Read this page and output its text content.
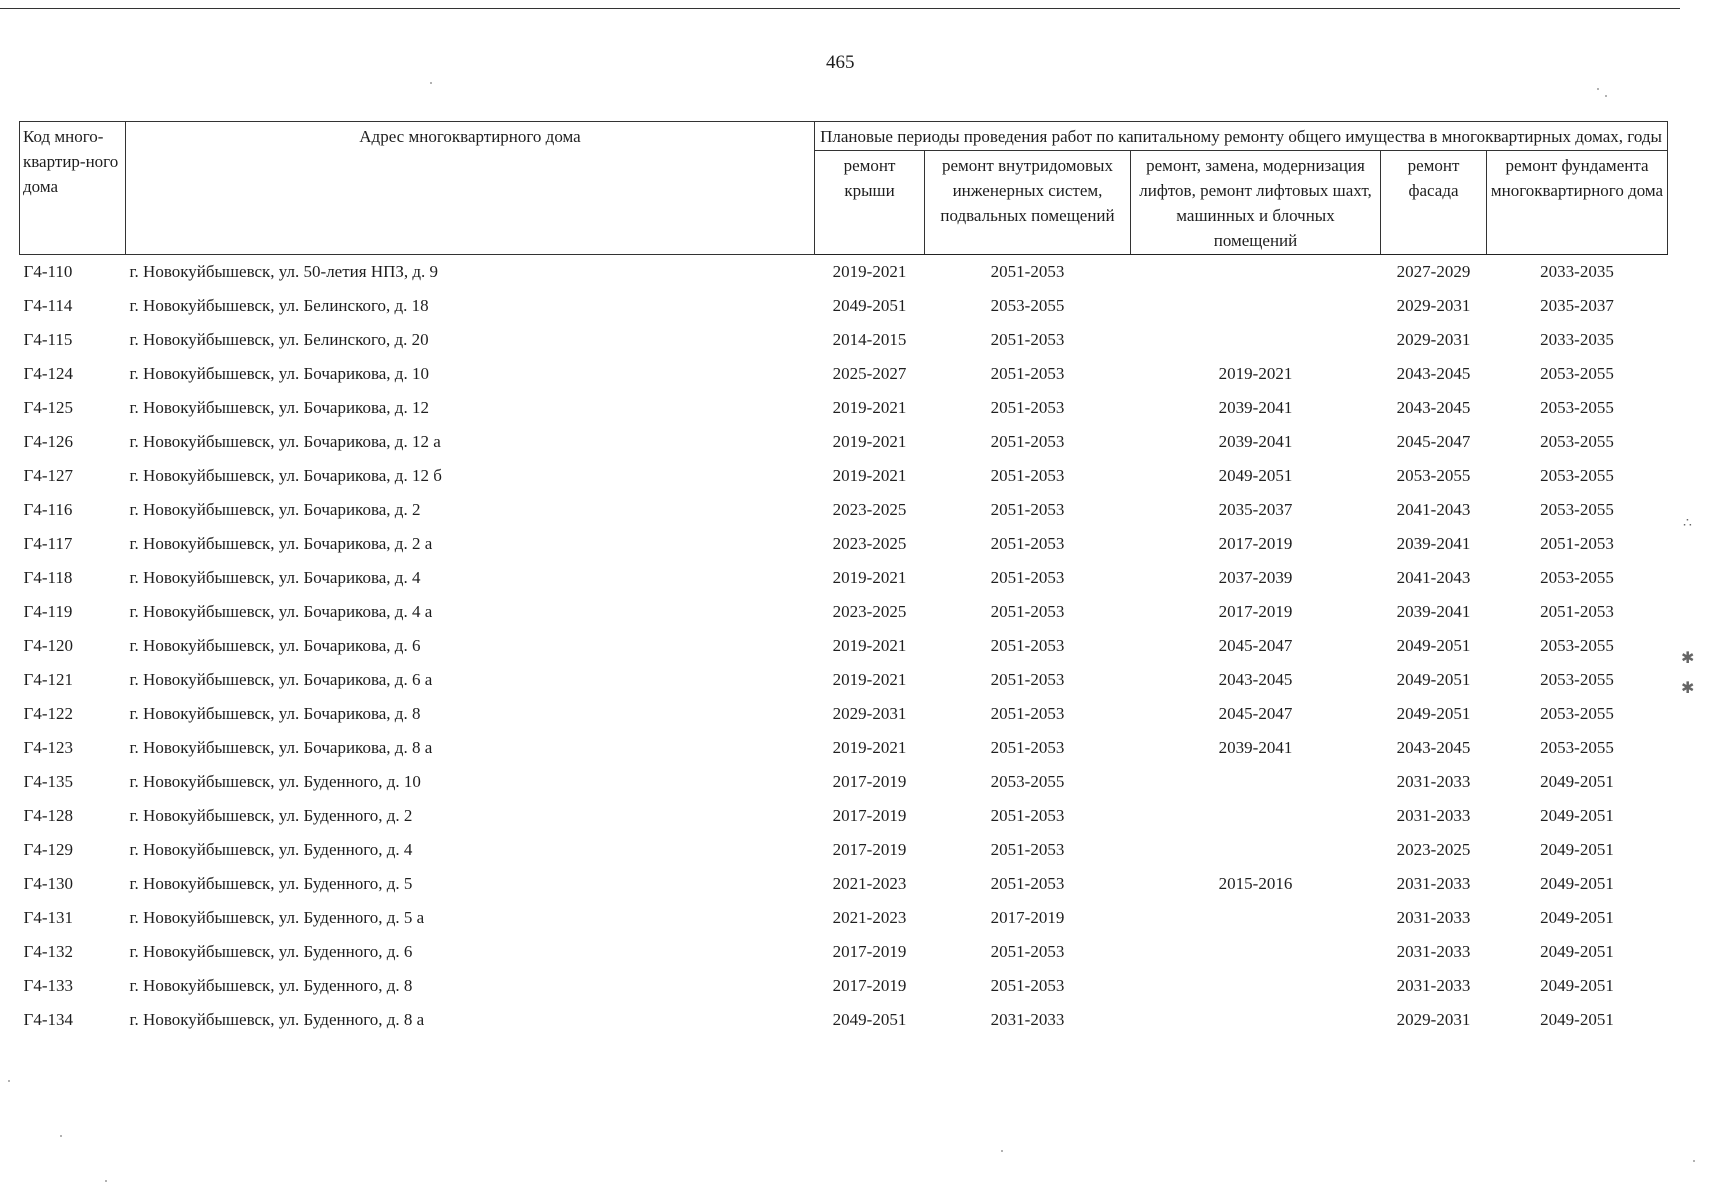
465
∴
✱
✱
Код много-квартир-ного дома	Адрес многоквартирного дома	Плановые периоды проведения работ по капитальному ремонту общего имущества в многоквартирных домах, годы				
		ремонт крыши	ремонт внутридомовых инженерных систем, подвальных помещений	ремонт, замена, модернизация лифтов, ремонт лифтовых шахт, машинных и блочных помещений	ремонт фасада	ремонт фундамента многоквартирного дома
Г4-110	г. Новокуйбышевск, ул. 50-летия НПЗ, д. 9	2019-2021	2051-2053		2027-2029	2033-2035
Г4-114	г. Новокуйбышевск, ул. Белинского, д. 18	2049-2051	2053-2055		2029-2031	2035-2037
Г4-115	г. Новокуйбышевск, ул. Белинского, д. 20	2014-2015	2051-2053		2029-2031	2033-2035
Г4-124	г. Новокуйбышевск, ул. Бочарикова, д. 10	2025-2027	2051-2053	2019-2021	2043-2045	2053-2055
Г4-125	г. Новокуйбышевск, ул. Бочарикова, д. 12	2019-2021	2051-2053	2039-2041	2043-2045	2053-2055
Г4-126	г. Новокуйбышевск, ул. Бочарикова, д. 12 а	2019-2021	2051-2053	2039-2041	2045-2047	2053-2055
Г4-127	г. Новокуйбышевск, ул. Бочарикова, д. 12 б	2019-2021	2051-2053	2049-2051	2053-2055	2053-2055
Г4-116	г. Новокуйбышевск, ул. Бочарикова, д. 2	2023-2025	2051-2053	2035-2037	2041-2043	2053-2055
Г4-117	г. Новокуйбышевск, ул. Бочарикова, д. 2 а	2023-2025	2051-2053	2017-2019	2039-2041	2051-2053
Г4-118	г. Новокуйбышевск, ул. Бочарикова, д. 4	2019-2021	2051-2053	2037-2039	2041-2043	2053-2055
Г4-119	г. Новокуйбышевск, ул. Бочарикова, д. 4 а	2023-2025	2051-2053	2017-2019	2039-2041	2051-2053
Г4-120	г. Новокуйбышевск, ул. Бочарикова, д. 6	2019-2021	2051-2053	2045-2047	2049-2051	2053-2055
Г4-121	г. Новокуйбышевск, ул. Бочарикова, д. 6 а	2019-2021	2051-2053	2043-2045	2049-2051	2053-2055
Г4-122	г. Новокуйбышевск, ул. Бочарикова, д. 8	2029-2031	2051-2053	2045-2047	2049-2051	2053-2055
Г4-123	г. Новокуйбышевск, ул. Бочарикова, д. 8 а	2019-2021	2051-2053	2039-2041	2043-2045	2053-2055
Г4-135	г. Новокуйбышевск, ул. Буденного, д. 10	2017-2019	2053-2055		2031-2033	2049-2051
Г4-128	г. Новокуйбышевск, ул. Буденного, д. 2	2017-2019	2051-2053		2031-2033	2049-2051
Г4-129	г. Новокуйбышевск, ул. Буденного, д. 4	2017-2019	2051-2053		2023-2025	2049-2051
Г4-130	г. Новокуйбышевск, ул. Буденного, д. 5	2021-2023	2051-2053	2015-2016	2031-2033	2049-2051
Г4-131	г. Новокуйбышевск, ул. Буденного, д. 5 а	2021-2023	2017-2019		2031-2033	2049-2051
Г4-132	г. Новокуйбышевск, ул. Буденного, д. 6	2017-2019	2051-2053		2031-2033	2049-2051
Г4-133	г. Новокуйбышевск, ул. Буденного, д. 8	2017-2019	2051-2053		2031-2033	2049-2051
Г4-134	г. Новокуйбышевск, ул. Буденного, д. 8 а	2049-2051	2031-2033		2029-2031	2049-2051
